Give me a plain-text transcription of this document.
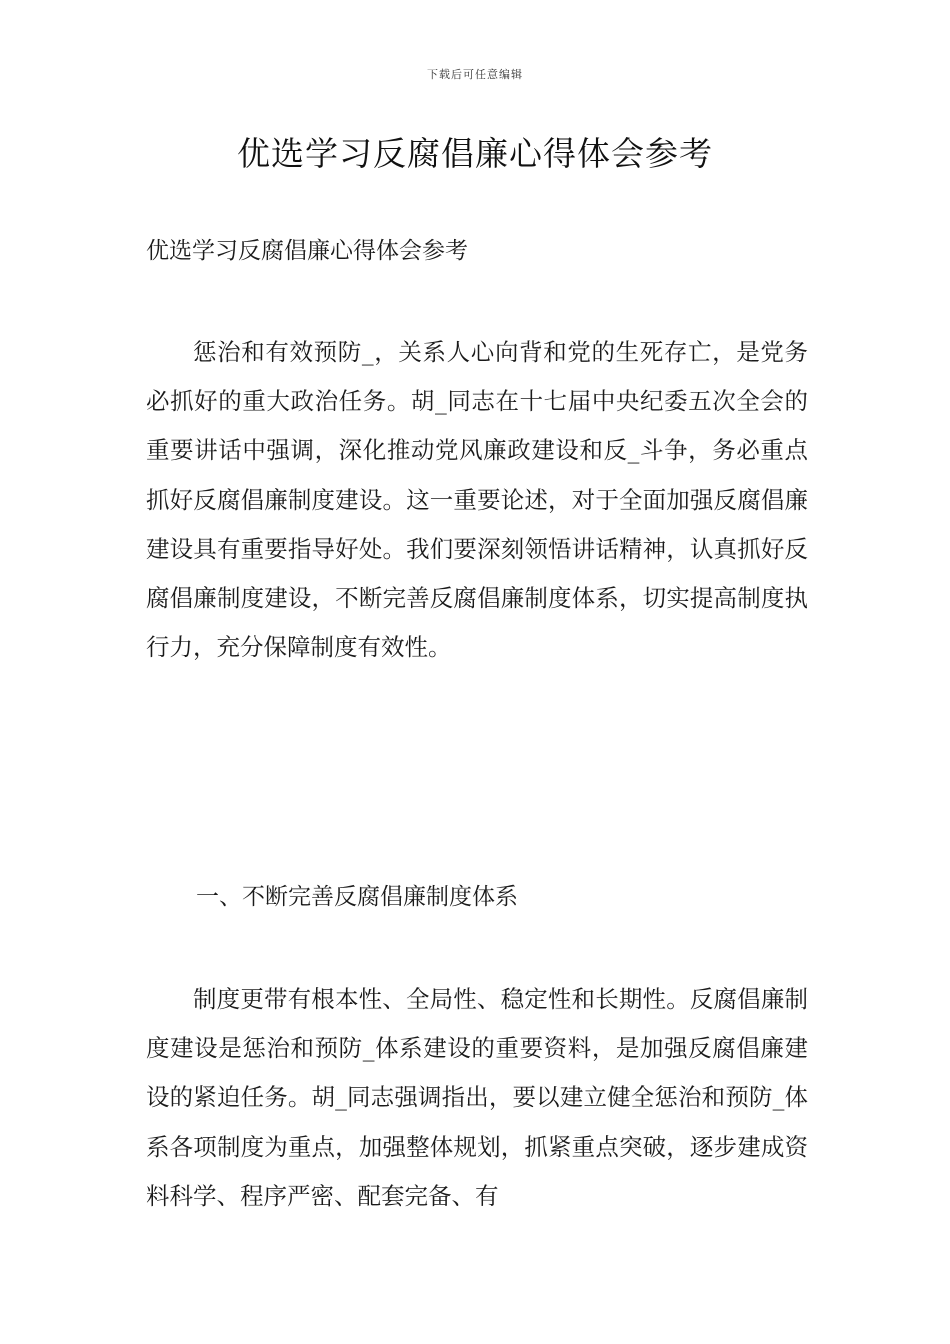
下载后可任意编辑
优选学习反腐倡廉心得体会参考

优选学习反腐倡廉心得体会参考

惩治和有效预防_，关系人心向背和党的生死存亡，是党务必抓好的重大政治任务。胡_同志在十七届中央纪委五次全会的重要讲话中强调，深化推动党风廉政建设和反_斗争，务必重点抓好反腐倡廉制度建设。这一重要论述，对于全面加强反腐倡廉建设具有重要指导好处。我们要深刻领悟讲话精神，认真抓好反腐倡廉制度建设，不断完善反腐倡廉制度体系，切实提高制度执行力，充分保障制度有效性。

一、不断完善反腐倡廉制度体系

制度更带有根本性、全局性、稳定性和长期性。反腐倡廉制度建设是惩治和预防_体系建设的重要资料，是加强反腐倡廉建设的紧迫任务。胡_同志强调指出，要以建立健全惩治和预防_体系各项制度为重点，加强整体规划，抓紧重点突破，逐步建成资料科学、程序严密、配套完备、有
